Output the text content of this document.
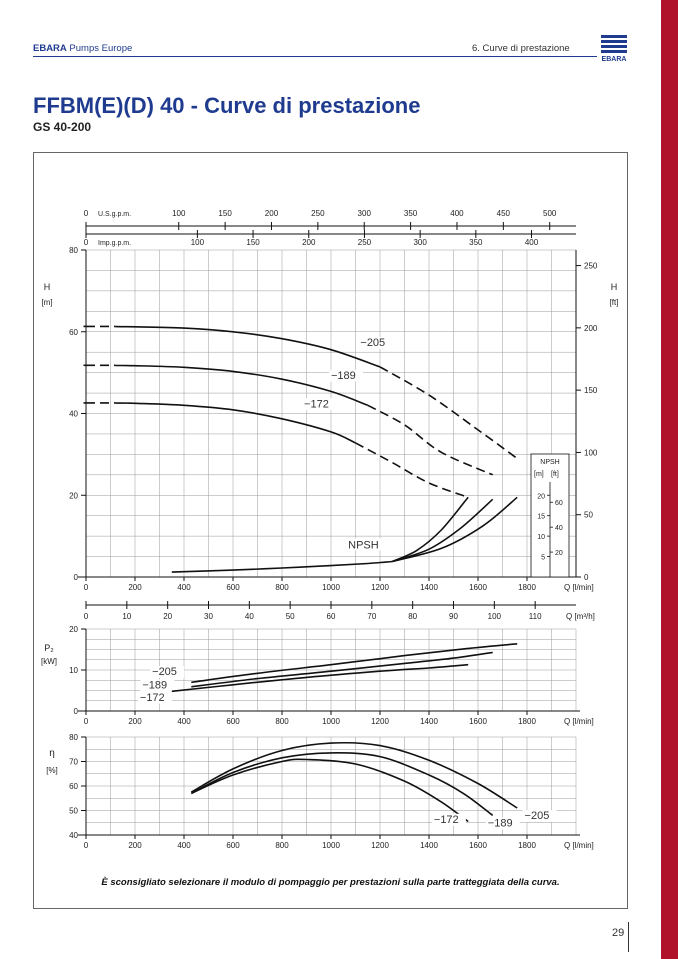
EBARA Pumps Europe	6. Curve di prestazione
EBARA
FFBM(E)(D) 40 - Curve di prestazione
GS 40-200
100	150	200	250	300	350	400	450	500
0 U.S.g.p.m.
100	150	200	250	300	350	400
0 Imp.g.p.m.
0
20
40
60
80
0	200	400	600	800	1000	1200	1400	1600	1800	Q [l/min]
0
50
100
150
200
250
H
[m]
H
[ft]
−205
−189
−172
NPSH
NPSH
[m] [ft]
5
10
15
20
20
40
60
0	10	20	30	40	50	60	70	80	90	100	110	Q [m³/h]
0
10
20
0	200	400	600	800	1000	1200	1400	1600	1800	Q [l/min]
P₂
[kW]
−205
−189
−172
40
50
60
70
80
0	200	400	600	800	1000	1200	1400	1600	1800	Q [l/min]
η
[%]
−205
−189
−172
È sconsigliato selezionare il modulo di pompaggio per prestazioni sulla parte tratteggiata della curva.
29
